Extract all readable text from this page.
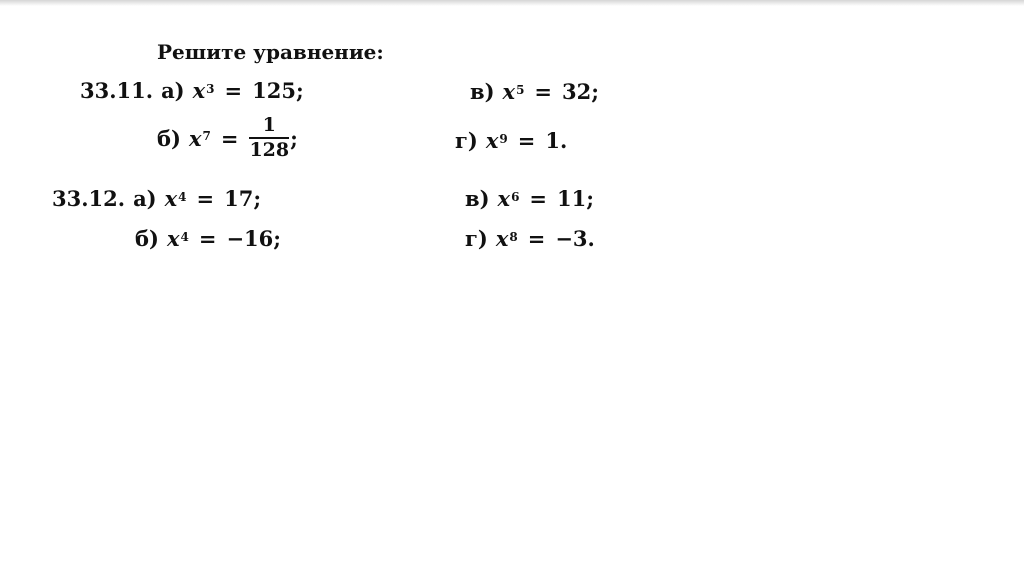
Решите уравнение:
33.11. а) $x^3 = 125$ ;	в) $x^5 = 32$ ;
б) $x^7 = \frac{1}{128}$ ;	г) $x^9 = 1$ .
33.12. а) $x^4 = 17$ ;	в) $x^6 = 11$ ;
б) $x^4 = -16$ ;	г) $x^8 = -3$ .
